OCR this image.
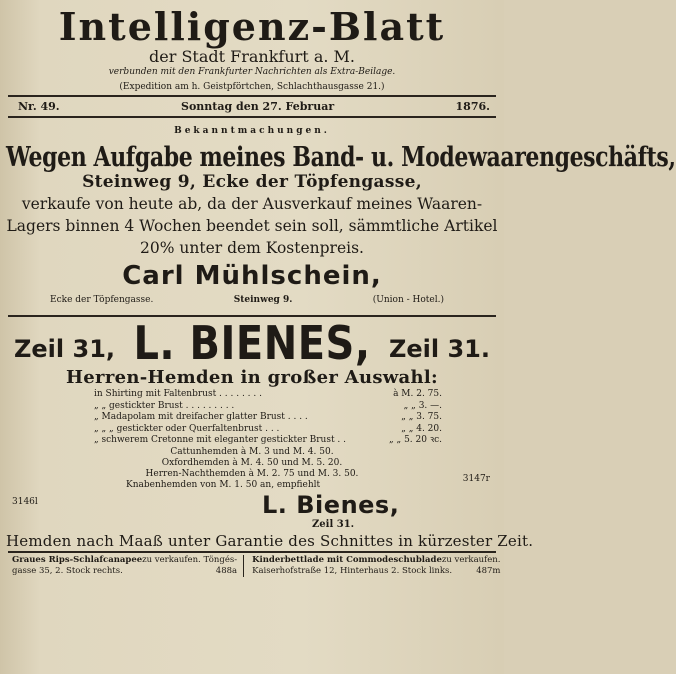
Intelligenz-Blatt
der Stadt Frankfurt a. M.
verbunden mit den Frankfurter Nachrichten als Extra-Beilage.
(Expedition am h. Geistpförtchen, Schlachthausgasse 21.)
Nr. 49.	Sonntag den 27. Februar	1876.
Bekanntmachungen.
Wegen Aufgabe meines Band- u. Modewaarengeschäfts,
Steinweg 9, Ecke der Töpfengasse,
verkaufe von heute ab, da der Ausverkauf meines Waaren-
Lagers binnen 4 Wochen beendet sein soll, sämmtliche Artikel
20% unter dem Kostenpreis.
Carl Mühlschein,
Ecke der Töpfengasse.	Steinweg 9.	(Union - Hotel.)
3147r
Zeil 31, L. BIENES, Zeil 31.
Herren-Hemden in großer Auswahl:
in Shirting mit Faltenbrust . . . . . . . .	à M. 2. 75.
„ „ gestickter Brust . . . . . . . . .	„ „ 3. —.
„ Madapolam mit dreifacher glatter Brust . . . .	„ „ 3. 75.
„ „ „ gestickter oder Querfaltenbrust . . .	„ „ 4. 20.
„ schwerem Cretonne mit eleganter gestickter Brust . .	„ „ 5. 20 ꝛc.
Cattunhemden à M. 3 und M. 4. 50.
Oxfordhemden à M. 4. 50 und M. 5. 20.
Herren-Nachthemden à M. 2. 75 und M. 3. 50.
Knabenhemden von M. 1. 50 an, empfiehlt
L. Bienes,
Zeil 31.
3146l
Hemden nach Maaß unter Garantie des Schnittes in kürzester Zeit.
Graues Rips-Schlafcanapee zu verkaufen. Töngés-
gasse 35, 2. Stock rechts.	488a
Kinderbettlade mit Commodeschublade zu verkaufen.
Kaiserhofstraße 12, Hinterhaus 2. Stock links.	487m
